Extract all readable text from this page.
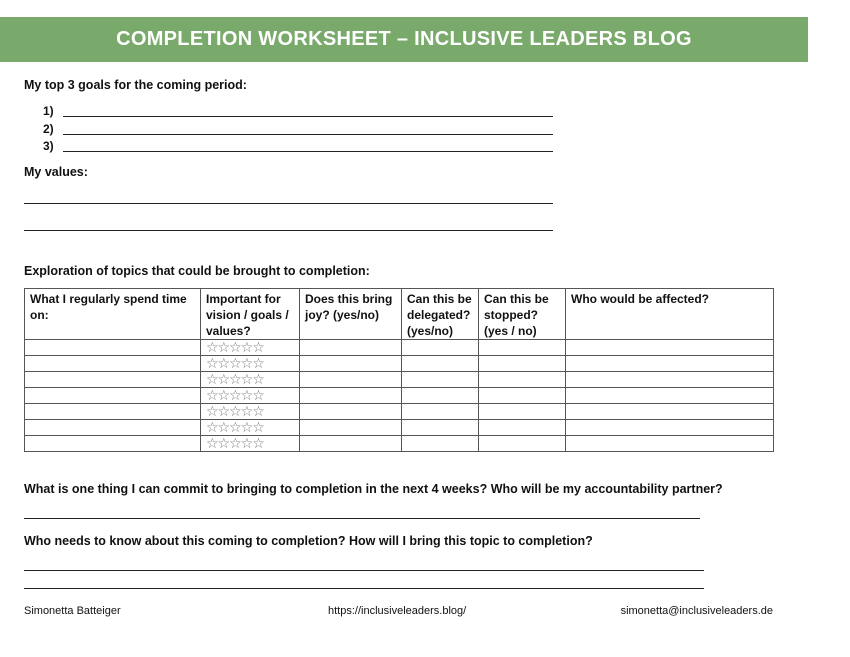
COMPLETION WORKSHEET – INCLUSIVE LEADERS BLOG
My top 3 goals for the coming period:
1)
2)
3)
My values:
Exploration of topics that could be brought to completion:
What I regularly spend time on:	Important for vision / goals / values?	Does this bring joy? (yes/no)	Can this be delegated? (yes/no)	Can this be stopped? (yes / no)	Who would be affected?
	☆☆☆☆☆				
	☆☆☆☆☆				
	☆☆☆☆☆				
	☆☆☆☆☆				
	☆☆☆☆☆				
	☆☆☆☆☆				
	☆☆☆☆☆				
What is one thing I can commit to bringing to completion in the next 4 weeks? Who will be my accountability partner?
Who needs to know about this coming to completion? How will I bring this topic to completion?
Simonetta Batteiger	https://inclusiveleaders.blog/	simonetta@inclusiveleaders.de
